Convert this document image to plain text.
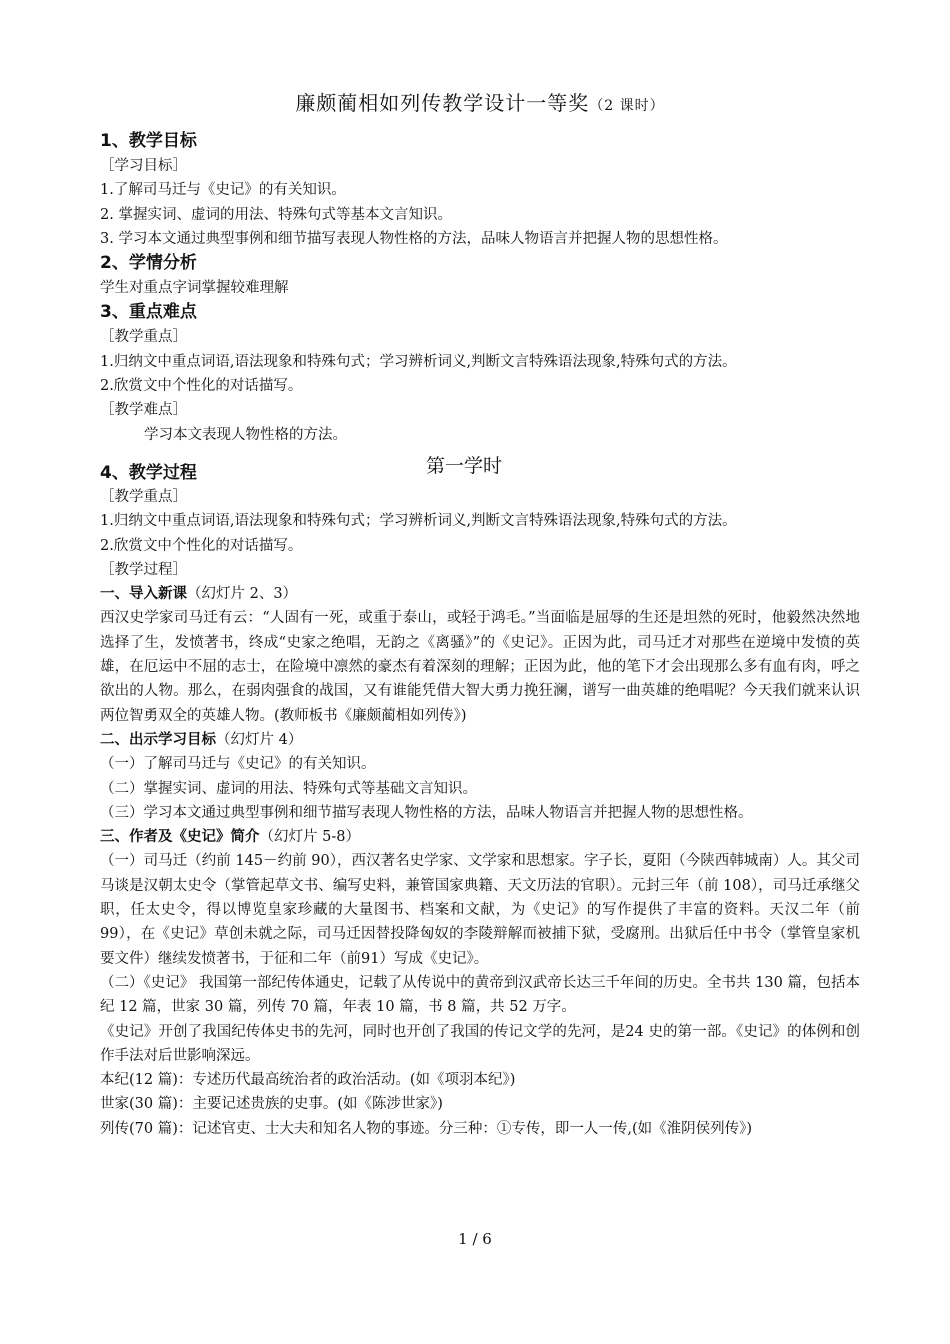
廉颇蔺相如列传教学设计一等奖（2 课时）

1、教学目标

［学习目标］

1.了解司马迁与《史记》的有关知识。

2. 掌握实词、虚词的用法、特殊句式等基本文言知识。

3. 学习本文通过典型事例和细节描写表现人物性格的方法，品味人物语言并把握人物的思想性格。

2、学情分析

学生对重点字词掌握较难理解

3、重点难点

［教学重点］

1.归纳文中重点词语,语法现象和特殊句式；学习辨析词义,判断文言特殊语法现象,特殊句式的方法。

2.欣赏文中个性化的对话描写。

［教学难点］

学习本文表现人物性格的方法。

4、教学过程	第一学时

［教学重点］

1.归纳文中重点词语,语法现象和特殊句式；学习辨析词义,判断文言特殊语法现象,特殊句式的方法。

2.欣赏文中个性化的对话描写。

［教学过程］

一、导入新课（幻灯片 2、3）

西汉史学家司马迁有云：“人固有一死，或重于泰山，或轻于鸿毛。”当面临是屈辱的生还是坦然的死时，他毅然决然地选择了生，发愤著书，终成“史家之绝唱，无韵之《离骚》”的《史记》。正因为此，司马迁才对那些在逆境中发愤的英雄，在厄运中不屈的志士，在险境中凛然的豪杰有着深刻的理解；正因为此，他的笔下才会出现那么多有血有肉，呼之欲出的人物。那么，在弱肉强食的战国，又有谁能凭借大智大勇力挽狂澜，谱写一曲英雄的绝唱呢？今天我们就来认识两位智勇双全的英雄人物。(教师板书《廉颇蔺相如列传》)

二、出示学习目标（幻灯片 4）

（一）了解司马迁与《史记》的有关知识。

（二）掌握实词、虚词的用法、特殊句式等基础文言知识。

（三）学习本文通过典型事例和细节描写表现人物性格的方法，品味人物语言并把握人物的思想性格。

三、作者及《史记》简介（幻灯片 5-8）

（一）司马迁（约前 145－约前 90），西汉著名史学家、文学家和思想家。字子长，夏阳（今陕西韩城南）人。其父司马谈是汉朝太史令（掌管起草文书、编写史料，兼管国家典籍、天文历法的官职）。元封三年（前 108），司马迁承继父职，任太史令，得以博览皇家珍藏的大量图书、档案和文献，为《史记》的写作提供了丰富的资料。天汉二年（前 99），在《史记》草创未就之际，司马迁因替投降匈奴的李陵辩解而被捕下狱，受腐刑。出狱后任中书令（掌管皇家机要文件）继续发愤著书，于征和二年（前91）写成《史记》。

（二）《史记》 我国第一部纪传体通史，记载了从传说中的黄帝到汉武帝长达三千年间的历史。全书共 130 篇，包括本纪 12 篇，世家 30 篇，列传 70 篇，年表 10 篇，书 8 篇，共 52 万字。

《史记》开创了我国纪传体史书的先河，同时也开创了我国的传记文学的先河，是24 史的第一部。《史记》的体例和创作手法对后世影响深远。

本纪(12 篇)：专述历代最高统治者的政治活动。(如《项羽本纪》)

世家(30 篇)：主要记述贵族的史事。(如《陈涉世家》)

列传(70 篇)：记述官吏、士大夫和知名人物的事迹。分三种：①专传，即一人一传,(如《淮阴侯列传》)

1 / 6
